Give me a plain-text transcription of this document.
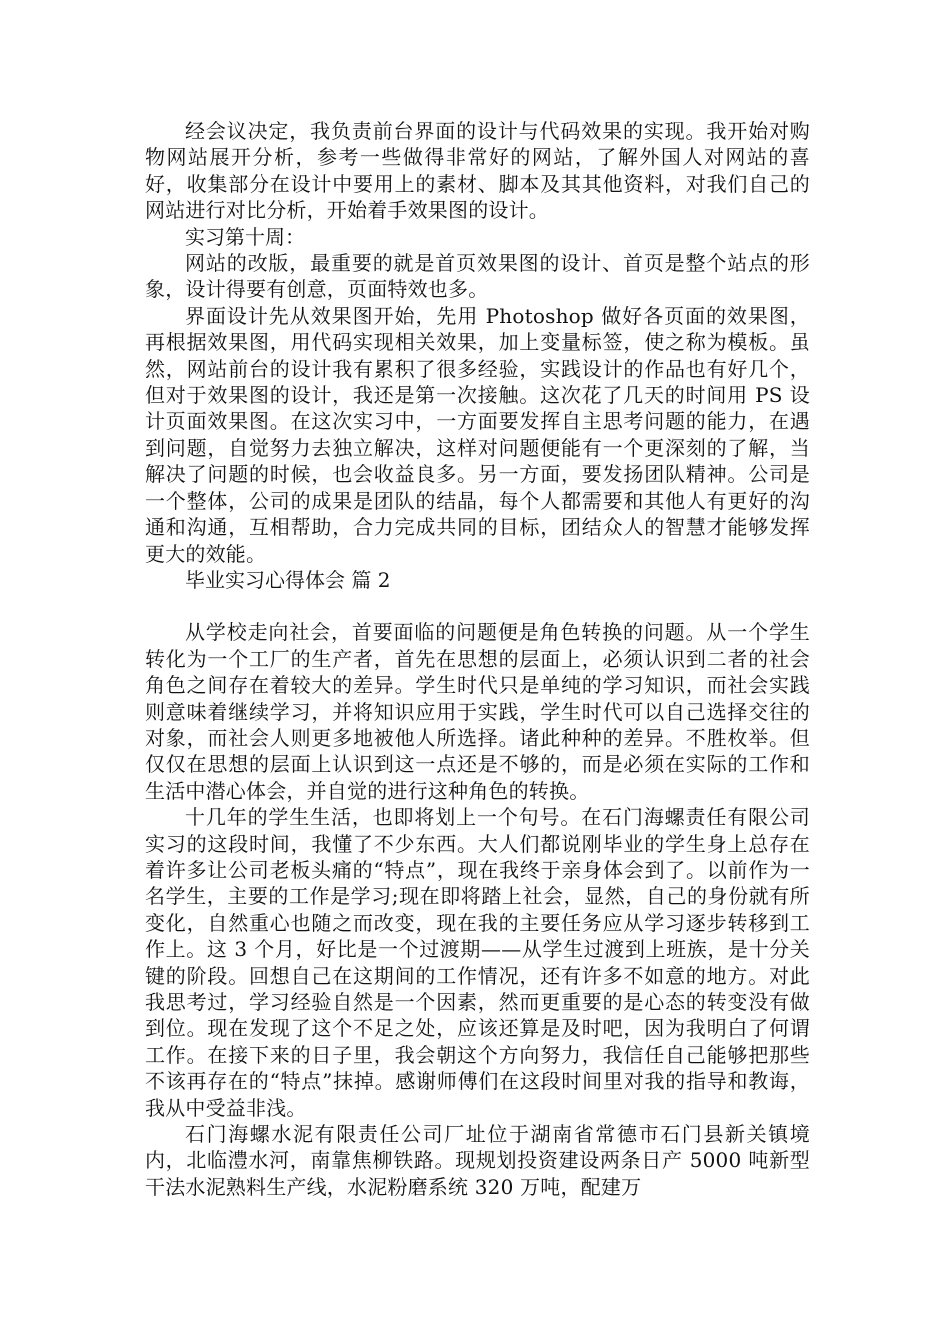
经会议决定，我负责前台界面的设计与代码效果的实现。我开始对购物网站展开分析，参考一些做得非常好的网站，了解外国人对网站的喜好，收集部分在设计中要用上的素材、脚本及其其他资料，对我们自己的网站进行对比分析，开始着手效果图的设计。

实习第十周：

网站的改版，最重要的就是首页效果图的设计、首页是整个站点的形象，设计得要有创意，页面特效也多。

界面设计先从效果图开始，先用 Photoshop 做好各页面的效果图，再根据效果图，用代码实现相关效果，加上变量标签，使之称为模板。虽然，网站前台的设计我有累积了很多经验，实践设计的作品也有好几个，但对于效果图的设计，我还是第一次接触。这次花了几天的时间用 PS 设计页面效果图。在这次实习中，一方面要发挥自主思考问题的能力，在遇到问题，自觉努力去独立解决，这样对问题便能有一个更深刻的了解，当解决了问题的时候，也会收益良多。另一方面，要发扬团队精神。公司是一个整体，公司的成果是团队的结晶，每个人都需要和其他人有更好的沟通和沟通，互相帮助，合力完成共同的目标，团结众人的智慧才能够发挥更大的效能。

毕业实习心得体会 篇 2

从学校走向社会，首要面临的问题便是角色转换的问题。从一个学生转化为一个工厂的生产者，首先在思想的层面上，必须认识到二者的社会角色之间存在着较大的差异。学生时代只是单纯的学习知识，而社会实践则意味着继续学习，并将知识应用于实践，学生时代可以自己选择交往的对象，而社会人则更多地被他人所选择。诸此种种的差异。不胜枚举。但仅仅在思想的层面上认识到这一点还是不够的，而是必须在实际的工作和生活中潜心体会，并自觉的进行这种角色的转换。

十几年的学生生活，也即将划上一个句号。在石门海螺责任有限公司实习的这段时间，我懂了不少东西。大人们都说刚毕业的学生身上总存在着许多让公司老板头痛的“特点”，现在我终于亲身体会到了。以前作为一名学生，主要的工作是学习;现在即将踏上社会，显然，自己的身份就有所变化，自然重心也随之而改变，现在我的主要任务应从学习逐步转移到工作上。这 3 个月，好比是一个过渡期——从学生过渡到上班族，是十分关键的阶段。回想自己在这期间的工作情况，还有许多不如意的地方。对此我思考过，学习经验自然是一个因素，然而更重要的是心态的转变没有做到位。现在发现了这个不足之处，应该还算是及时吧，因为我明白了何谓工作。在接下来的日子里，我会朝这个方向努力，我信任自己能够把那些不该再存在的“特点”抹掉。感谢师傅们在这段时间里对我的指导和教诲，我从中受益非浅。

石门海螺水泥有限责任公司厂址位于湖南省常德市石门县新关镇境内，北临澧水河，南靠焦柳铁路。现规划投资建设两条日产 5000 吨新型干法水泥熟料生产线，水泥粉磨系统 320 万吨，配建万
